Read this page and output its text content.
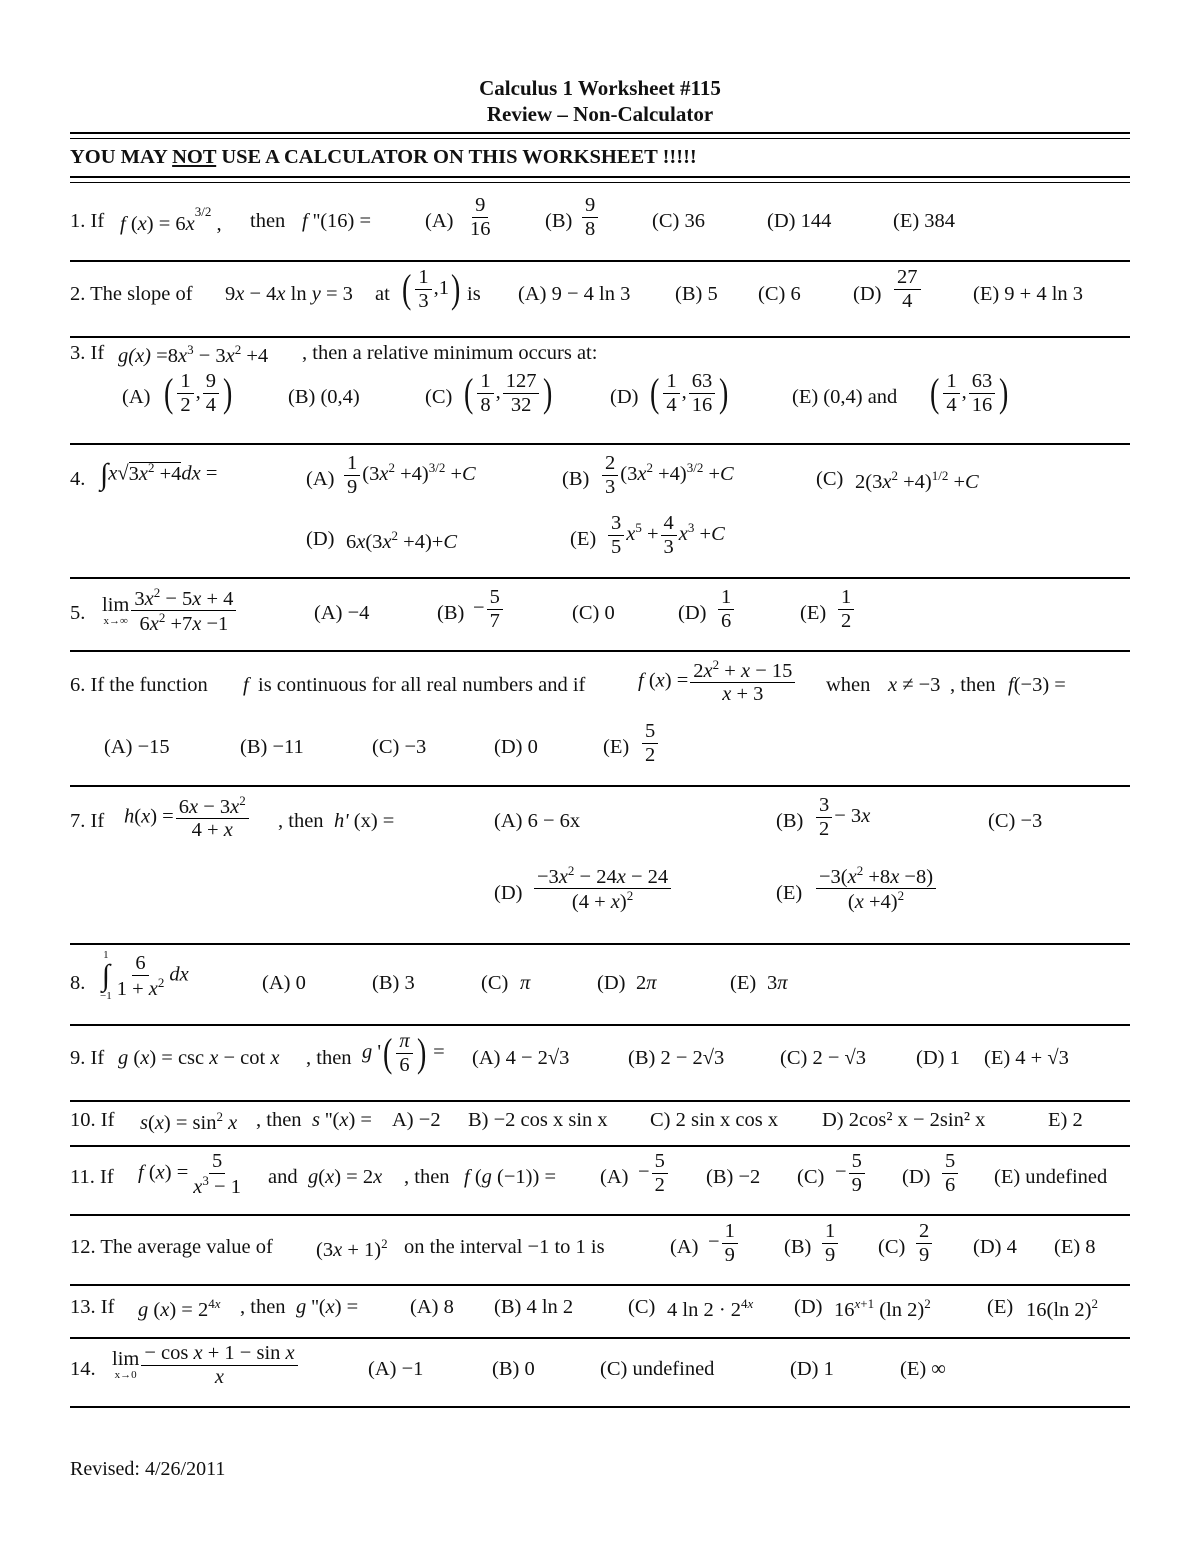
Calculus 1 Worksheet #115
Review – Non-Calculator
YOU MAY NOT USE A CALCULATOR ON THIS WORKSHEET !!!!!
1. If f $(x) = 6x^{3/2}$ , then f ''(16) =	$(A) \frac{9}{16}$	$(B) \frac{9}{8}$	(C) 36	(D) 144	(E) 384
2. The slope of 9x − 4x ln y = 3 at ( $\frac{1}{3} ,1$) is (A) 9 − 4 ln 3 (B) 5 (C) 6	$(D) \frac{27}{4}$	(E) 9 + 4 ln 3
3. If $g(x) =8x^3 - 3x^2 +4$ , then a relative minimum occurs at:
(A) ( $\frac{1}{2}$ , $\frac{9}{4}$ )	(B) (0,4)	(C) ( $\frac{1}{8}$ , $\frac{127}{32}$ )	(D) ( $\frac{1}{4}$ , $\frac{63}{16}$ )	(E) (0,4) and ( $\frac{1}{4}$ , $\frac{63}{16}$ )
4. $\int x√3x^2 +4dx$ =	$(A) \frac{1}{9} (3x^2 +4)^{3/2} +C$	$(B) \frac{2}{3} (3x^2 +4)^{3/2} +C$	(C) $2(3x^2 +4)^{1/2} +C$
(D) $6x(3x^2 +4)+C$	$(E) \frac{3}{5} x^5 + \frac{4}{3} x^3 +C$
5. lim
$x\to\infty \frac{3x^2 - 5x + 4}{6x^2 +7x -1}$	(A) −4	$(B) - \frac{5}{7}$	(C) 0	$(D) \frac{1}{6}$	$(E) \frac{1}{2}$
6. If the function f is continuous for all real numbers and if	f $(x) = \frac{2x^2 + x - 15}{x + 3}$ when x ≠ −3 , then f(−3) =
(A) −15	(B) −11	(C) −3	(D) 0	$(E) \frac{5}{2}$
7. If $h(x) = \frac{6x - 3x^2}{4 + x}$ , then h' (x) =	(A) 6 − 6x	$(B) \frac{3}{2} - 3x$	(C) −3
$(D) \frac{-3x^2 - 24x - 24}{(4 + x)^2}$	$(E) \frac{-3(x^2 +8x -8)}{(x +4)^2}$
8.
1
∫
$-1 \frac{6}{1 + x^2}$ dx	(A) 0	(B) 3	(C) π	(D) 2π	(E) 3π
9. If g (x) = csc x − cot x , then g '( $\frac{\pi}{6}$ ) = (A) 4 − 2√3	(B) 2 − 2√3	(C) 2 − √3 (D) 1 (E) 4 + √3
10. If $s(x) = \sin^2 x$ , then s ''(x) = A) −2 B) −2 cos x sin x C) 2 sin x cos x D) 2cos² x − 2sin² x	E) 2
11. If f $(x) = \frac{5}{x^3 - 1}$ and g(x) = 2x , then f (g $(-1)) = (A) - \frac{5}{2} (B) -2$ $(C) - \frac{5}{9} (D) \frac{5}{6} (E)$ undefined
12. The average value of $(3x + 1)^2$ on the interval −1 to 1 is	$(A) - \frac{1}{9} (B) \frac{1}{9} (C) \frac{2}{9} (D)$ 4 (E) 8
13. If g $(x) = 2^{4x}$ , then g ''(x) =	(A) 8 (B) 4 ln 2	(C) 4 $\ln 2 \cdot 2^{4x}$ (D) $16^{x+1}$ (ln 2)$^2$	(E) 16(ln 2)$^2$
14. lim
$x\to 0 \frac{\text{− cos x + 1 − sin x}}{x}$	(A) −1	(B) 0	(C) undefined	(D) 1	(E) ∞
Revised: 4/26/2011
